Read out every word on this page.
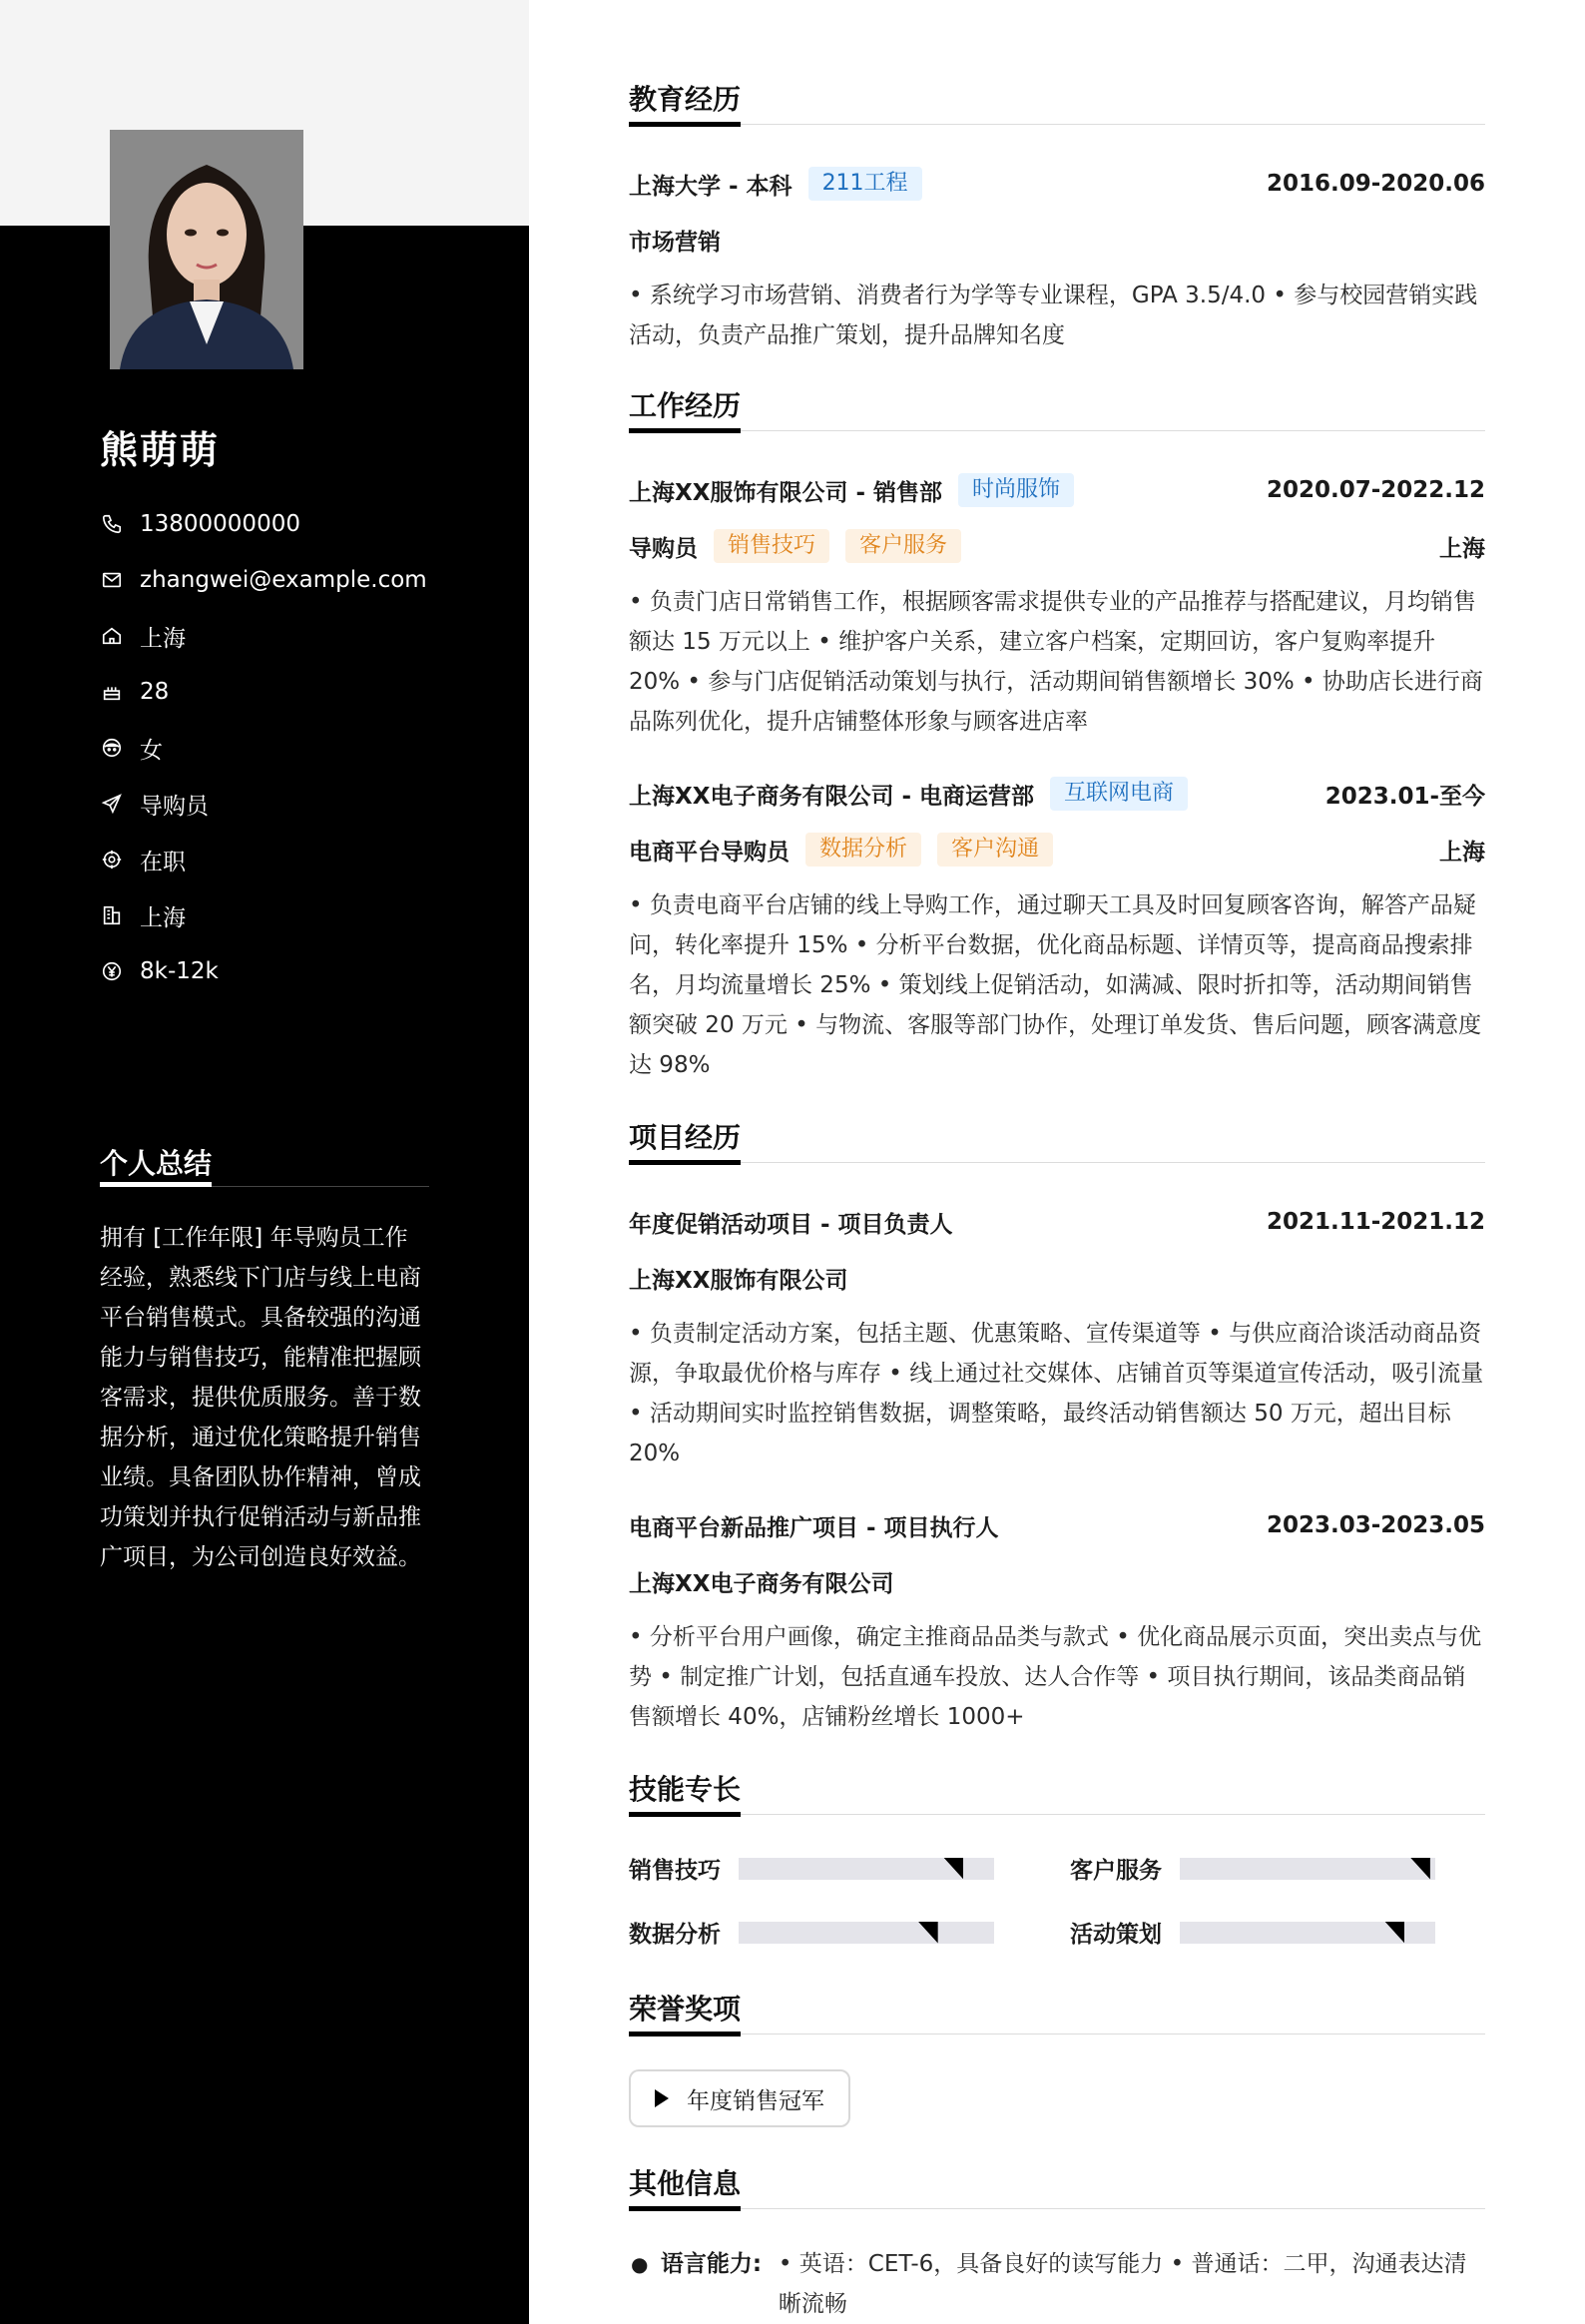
熊萌萌
13800000000
zhangwei@example.com
上海
28
女
导购员
在职
上海
8k-12k
个人总结
拥有 [工作年限] 年导购员工作经验，熟悉线下门店与线上电商平台销售模式。具备较强的沟通能力与销售技巧，能精准把握顾客需求，提供优质服务。善于数据分析，通过优化策略提升销售业绩。具备团队协作精神，曾成功策划并执行促销活动与新品推广项目，为公司创造良好效益。
教育经历
上海大学 - 本科	211工程	2016.09-2020.06
市场营销
• 系统学习市场营销、消费者行为学等专业课程，GPA 3.5/4.0 • 参与校园营销实践活动，负责产品推广策划，提升品牌知名度
工作经历
上海XX服饰有限公司 - 销售部	时尚服饰	2020.07-2022.12
导购员	销售技巧	客户服务	上海
• 负责门店日常销售工作，根据顾客需求提供专业的产品推荐与搭配建议，月均销售额达 15 万元以上 • 维护客户关系，建立客户档案，定期回访，客户复购率提升 20% • 参与门店促销活动策划与执行，活动期间销售额增长 30% • 协助店长进行商品陈列优化，提升店铺整体形象与顾客进店率
上海XX电子商务有限公司 - 电商运营部	互联网电商	2023.01-至今
电商平台导购员	数据分析	客户沟通	上海
• 负责电商平台店铺的线上导购工作，通过聊天工具及时回复顾客咨询，解答产品疑问，转化率提升 15% • 分析平台数据，优化商品标题、详情页等，提高商品搜索排名，月均流量增长 25% • 策划线上促销活动，如满减、限时折扣等，活动期间销售额突破 20 万元 • 与物流、客服等部门协作，处理订单发货、售后问题，顾客满意度达 98%
项目经历
年度促销活动项目 - 项目负责人	2021.11-2021.12
上海XX服饰有限公司
• 负责制定活动方案，包括主题、优惠策略、宣传渠道等 • 与供应商洽谈活动商品资源，争取最优价格与库存 • 线上通过社交媒体、店铺首页等渠道宣传活动，吸引流量 • 活动期间实时监控销售数据，调整策略，最终活动销售额达 50 万元，超出目标 20%
电商平台新品推广项目 - 项目执行人	2023.03-2023.05
上海XX电子商务有限公司
• 分析平台用户画像，确定主推商品品类与款式 • 优化商品展示页面，突出卖点与优势 • 制定推广计划，包括直通车投放、达人合作等 • 项目执行期间，该品类商品销售额增长 40%，店铺粉丝增长 1000+
技能专长
销售技巧	客户服务
数据分析	活动策划
荣誉奖项
年度销售冠军
其他信息
● 语言能力: • 英语：CET-6，具备良好的读写能力 • 普通话：二甲，沟通表达清晰流畅
